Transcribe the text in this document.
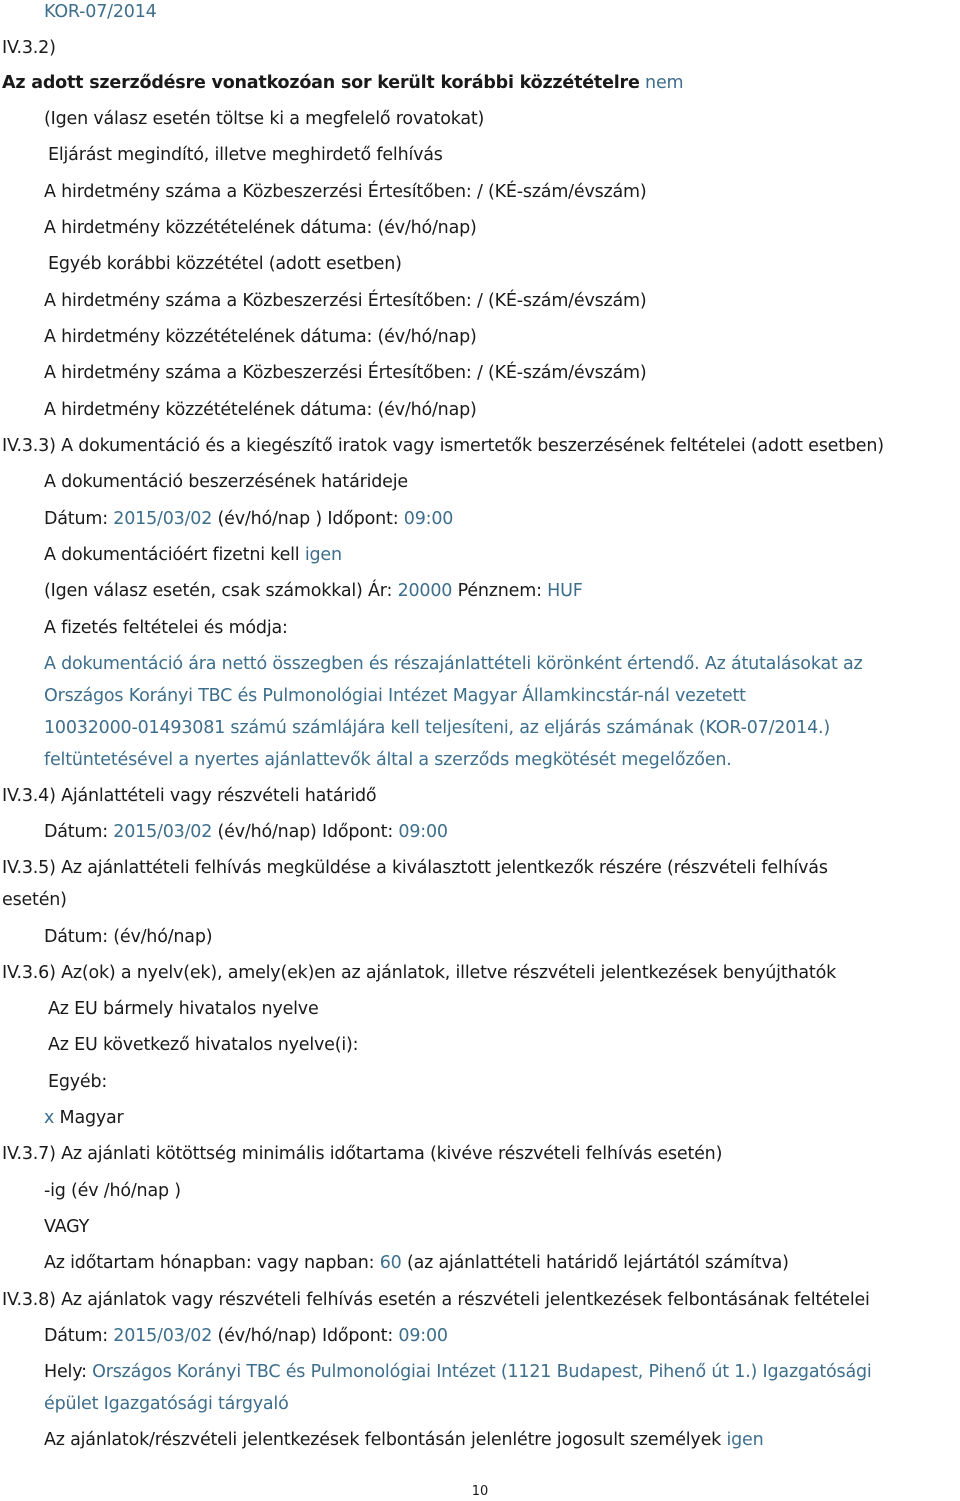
KOR-07/2014
IV.3.2)
Az adott szerződésre vonatkozóan sor került korábbi közzétételre nem
(Igen válasz esetén töltse ki a megfelelő rovatokat)
Eljárást megindító, illetve meghirdető felhívás
A hirdetmény száma a Közbeszerzési Értesítőben: / (KÉ-szám/évszám)
A hirdetmény közzétételének dátuma: (év/hó/nap)
Egyéb korábbi közzététel (adott esetben)
A hirdetmény száma a Közbeszerzési Értesítőben: / (KÉ-szám/évszám)
A hirdetmény közzétételének dátuma: (év/hó/nap)
A hirdetmény száma a Közbeszerzési Értesítőben: / (KÉ-szám/évszám)
A hirdetmény közzétételének dátuma: (év/hó/nap)
IV.3.3) A dokumentáció és a kiegészítő iratok vagy ismertetők beszerzésének feltételei (adott esetben)
A dokumentáció beszerzésének határideje
Dátum: 2015/03/02 (év/hó/nap ) Időpont: 09:00
A dokumentációért fizetni kell igen
(Igen válasz esetén, csak számokkal) Ár: 20000 Pénznem: HUF
A fizetés feltételei és módja:
A dokumentáció ára nettó összegben és részajánlattételi körönként értendő. Az átutalásokat az
Országos Korányi TBC és Pulmonológiai Intézet Magyar Államkincstár-nál vezetett
10032000-01493081 számú számlájára kell teljesíteni, az eljárás számának (KOR-07/2014.)
feltüntetésével a nyertes ajánlattevők által a szerződs megkötését megelőzően.
IV.3.4) Ajánlattételi vagy részvételi határidő
Dátum: 2015/03/02 (év/hó/nap) Időpont: 09:00
IV.3.5) Az ajánlattételi felhívás megküldése a kiválasztott jelentkezők részére (részvételi felhívás
esetén)
Dátum: (év/hó/nap)
IV.3.6) Az(ok) a nyelv(ek), amely(ek)en az ajánlatok, illetve részvételi jelentkezések benyújthatók
Az EU bármely hivatalos nyelve
Az EU következő hivatalos nyelve(i):
Egyéb:
x Magyar
IV.3.7) Az ajánlati kötöttség minimális időtartama (kivéve részvételi felhívás esetén)
-ig (év /hó/nap )
VAGY
Az időtartam hónapban: vagy napban: 60 (az ajánlattételi határidő lejártától számítva)
IV.3.8) Az ajánlatok vagy részvételi felhívás esetén a részvételi jelentkezések felbontásának feltételei
Dátum: 2015/03/02 (év/hó/nap) Időpont: 09:00
Hely: Országos Korányi TBC és Pulmonológiai Intézet (1121 Budapest, Pihenő út 1.) Igazgatósági
épület Igazgatósági tárgyaló
Az ajánlatok/részvételi jelentkezések felbontásán jelenlétre jogosult személyek igen
10
